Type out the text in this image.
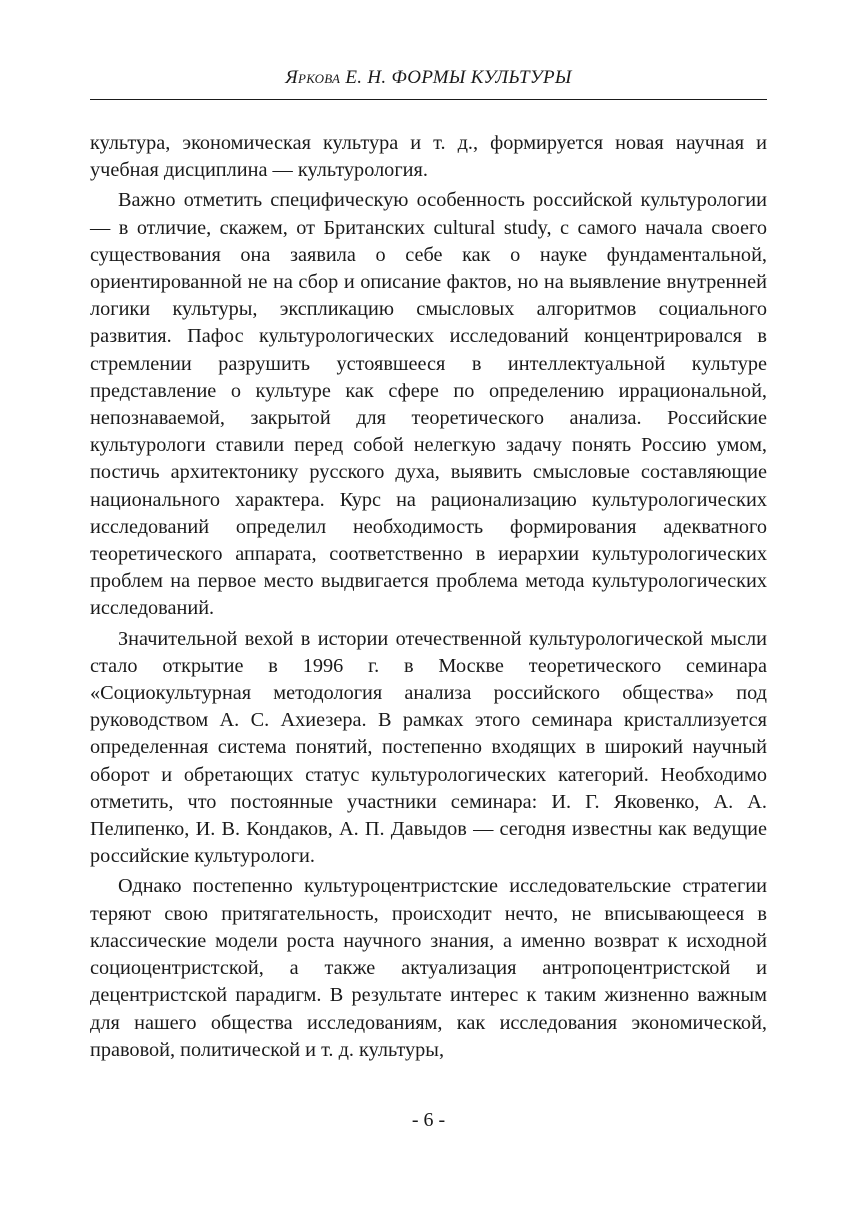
Яркова Е. Н. ФОРМЫ КУЛЬТУРЫ

культура, экономическая культура и т. д., формируется новая научная и учебная дисциплина — культурология.

Важно отметить специфическую особенность российской культурологии — в отличие, скажем, от Британских cultural study, с самого начала своего существования она заявила о себе как о науке фундаментальной, ориентированной не на сбор и описание фактов, но на выявление внутренней логики культуры, экспликацию смысловых алгоритмов социального развития. Пафос культурологических исследований концентрировался в стремлении разрушить устоявшееся в интеллектуальной культуре представление о культуре как сфере по определению иррациональной, непознаваемой, закрытой для теоретического анализа. Российские культурологи ставили перед собой нелегкую задачу понять Россию умом, постичь архитектонику русского духа, выявить смысловые составляющие национального характера. Курс на рационализацию культурологических исследований определил необходимость формирования адекватного теоретического аппарата, соответственно в иерархии культурологических проблем на первое место выдвигается проблема метода культурологических исследований.

Значительной вехой в истории отечественной культурологической мысли стало открытие в 1996 г. в Москве теоретического семинара «Социокультурная методология анализа российского общества» под руководством А. С. Ахиезера. В рамках этого семинара кристаллизуется определенная система понятий, постепенно входящих в широкий научный оборот и обретающих статус культурологических категорий. Необходимо отметить, что постоянные участники семинара: И. Г. Яковенко, А. А. Пелипенко, И. В. Кондаков, А. П. Давыдов — сегодня известны как ведущие российские культурологи.

Однако постепенно культуроцентристские исследовательские стратегии теряют свою притягательность, происходит нечто, не вписывающееся в классические модели роста научного знания, а именно возврат к исходной социоцентристской, а также актуализация антропоцентристской и децентристской парадигм. В результате интерес к таким жизненно важным для нашего общества исследованиям, как исследования экономической, правовой, политической и т. д. культуры,

- 6 -
